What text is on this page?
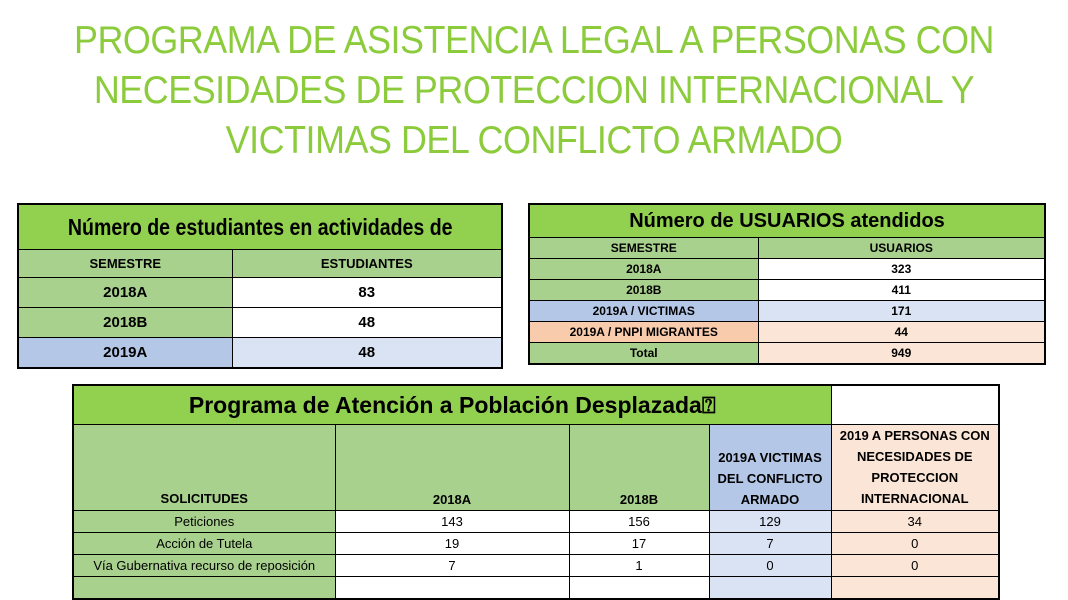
PROGRAMA DE ASISTENCIA LEGAL A PERSONAS CON
NECESIDADES DE PROTECCION INTERNACIONAL Y
VICTIMAS DEL CONFLICTO ARMADO
Número de estudiantes en actividades de	
SEMESTRE	ESTUDIANTES
2018A	83
2018B	48
2019A	48
Número de USUARIOS atendidos	
SEMESTRE	USUARIOS
2018A	323
2018B	411
2019A / VICTIMAS	171
2019A / PNPI MIGRANTES	44
Total	949
Programa de Atención a Población Desplazada⍰				
SOLICITUDES	2018A	2018B	2019A VICTIMAS DEL CONFLICTO ARMADO	2019 A PERSONAS CON NECESIDADES DE PROTECCION INTERNACIONAL
Peticiones	143	156	129	34
Acción de Tutela	19	17	7	0
Vía Gubernativa recurso de reposición	7	1	0	0
